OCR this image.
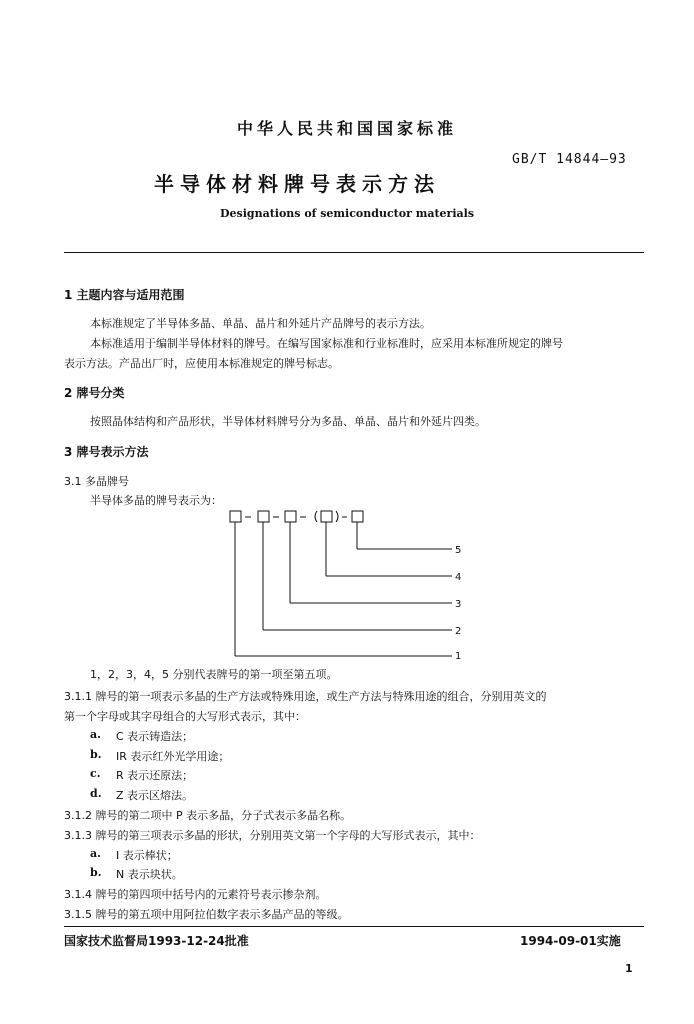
中华人民共和国国家标准
GB/T 14844—93
半导体材料牌号表示方法
Designations of semiconductor materials
1 主题内容与适用范围
本标准规定了半导体多晶、单晶、晶片和外延片产品牌号的表示方法。
本标准适用于编制半导体材料的牌号。在编写国家标准和行业标准时，应采用本标准所规定的牌号
表示方法。产品出厂时，应使用本标准规定的牌号标志。
2 牌号分类
按照晶体结构和产品形状，半导体材料牌号分为多晶、单晶、晶片和外延片四类。
3 牌号表示方法
3.1 多晶牌号
半导体多晶的牌号表示为：
5
4
3
2
1
1，2，3，4，5 分别代表牌号的第一项至第五项。
3.1.1 牌号的第一项表示多晶的生产方法或特殊用途，或生产方法与特殊用途的组合，分别用英文的
第一个字母或其字母组合的大写形式表示，其中：
a. C 表示铸造法；
b. IR 表示红外光学用途；
c. R 表示还原法；
d. Z 表示区熔法。
3.1.2 牌号的第二项中 P 表示多晶，分子式表示多晶名称。
3.1.3 牌号的第三项表示多晶的形状，分别用英文第一个字母的大写形式表示，其中：
a. I 表示棒状；
b. N 表示块状。
3.1.4 牌号的第四项中括号内的元素符号表示掺杂剂。
3.1.5 牌号的第五项中用阿拉伯数字表示多晶产品的等级。
国家技术监督局1993-12-24批准	1994-09-01实施
1
